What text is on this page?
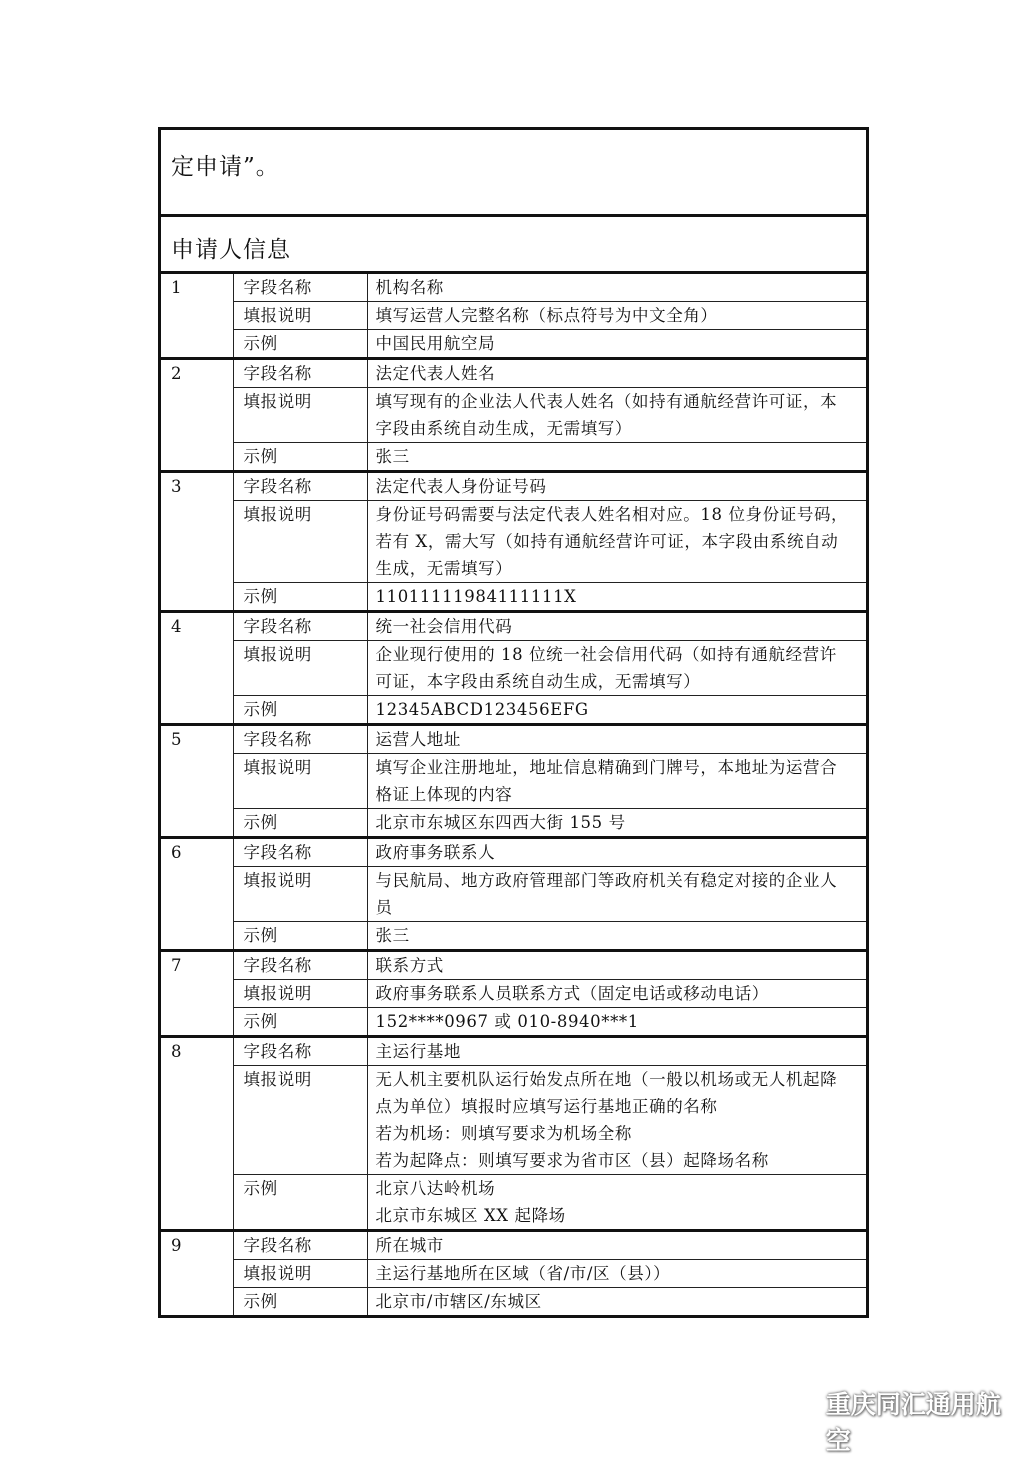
定申请”。
申请人信息
1	字段名称	机构名称
	填报说明	填写运营人完整名称（标点符号为中文全角）

	示例	中国民用航空局

2	字段名称	法定代表人姓名
	填报说明	填写现有的企业法人代表人姓名（如持有通航经营许可证，本
字段由系统自动生成，无需填写）

	示例	张三

3	字段名称	法定代表人身份证号码
	填报说明	身份证号码需要与法定代表人姓名相对应。18 位身份证号码，
若有 X，需大写（如持有通航经营许可证，本字段由系统自动
生成，无需填写）

	示例	11011111984111111X

4	字段名称	统一社会信用代码
	填报说明	企业现行使用的 18 位统一社会信用代码（如持有通航经营许
可证，本字段由系统自动生成，无需填写）

	示例	12345ABCD123456EFG

5	字段名称	运营人地址
	填报说明	填写企业注册地址，地址信息精确到门牌号，本地址为运营合
格证上体现的内容

	示例	北京市东城区东四西大街 155 号

6	字段名称	政府事务联系人
	填报说明	与民航局、地方政府管理部门等政府机关有稳定对接的企业人
员

	示例	张三

7	字段名称	联系方式
	填报说明	政府事务联系人员联系方式（固定电话或移动电话）

	示例	152****0967 或 010-8940***1

8	字段名称	主运行基地
	填报说明	无人机主要机队运行始发点所在地（一般以机场或无人机起降
点为单位）填报时应填写运行基地正确的名称
若为机场：则填写要求为机场全称
若为起降点：则填写要求为省市区（县）起降场名称

	示例	北京八达岭机场
北京市东城区 XX 起降场

9	字段名称	所在城市
	填报说明	主运行基地所在区域（省/市/区（县））

	示例	北京市/市辖区/东城区
重庆同汇通用航空
